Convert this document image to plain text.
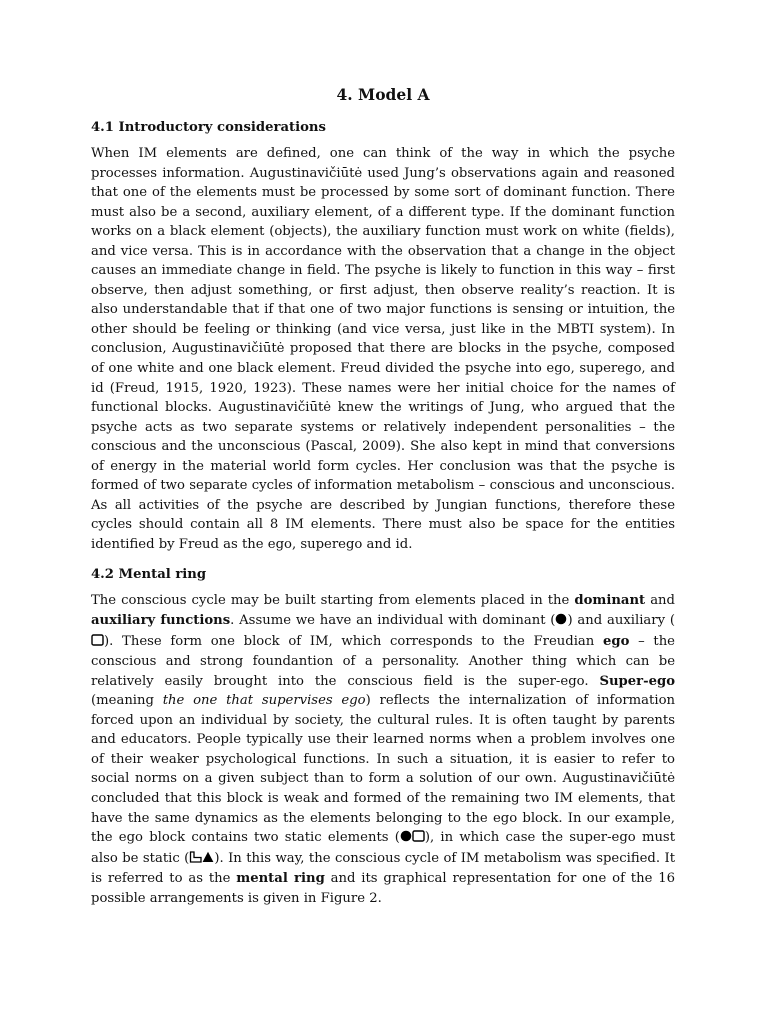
4. Model A
4.1 Introductory considerations

When IM elements are defined, one can think of the way in which the psyche processes information. Augustinavičiūtė used Jung’s observations again and reasoned that one of the elements must be processed by some sort of dominant function. There must also be a second, auxiliary element, of a different type. If the dominant function works on a black element (objects), the auxiliary function must work on white (fields), and vice versa. This is in accordance with the observation that a change in the object causes an immediate change in field. The psyche is likely to function in this way – first observe, then adjust something, or first adjust, then observe reality’s reaction. It is also understandable that if that one of two major functions is sensing or intuition, the other should be feeling or thinking (and vice versa, just like in the MBTI system). In conclusion, Augustinavičiūtė proposed that there are blocks in the psyche, composed of one white and one black element. Freud divided the psyche into ego, superego, and id (Freud, 1915, 1920, 1923). These names were her initial choice for the names of functional blocks. Augustinavičiūtė knew the writings of Jung, who argued that the psyche acts as two separate systems or relatively independent personalities – the conscious and the unconscious (Pascal, 2009). She also kept in mind that conversions of energy in the material world form cycles. Her conclusion was that the psyche is formed of two separate cycles of information metabolism – conscious and unconscious. As all activities of the psyche are described by Jungian functions, therefore these cycles should contain all 8 IM elements. There must also be space for the entities identified by Freud as the ego, superego and id.

4.2 Mental ring

The conscious cycle may be built starting from elements placed in the dominant and auxiliary functions. Assume we have an individual with dominant ( ) and auxiliary (). These form one block of IM, which corresponds to the Freudian ego – the conscious and strong foundantion of a personality. Another thing which can be relatively easily brought into the conscious field is the super-ego. Super-ego (meaning the one that supervises ego) reflects the internalization of information forced upon an individual by society, the cultural rules. It is often taught by parents and educators. People typically use their learned norms when a problem involves one of their weaker psychological functions. In such a situation, it is easier to refer to social norms on a given subject than to form a solution of our own. Augustinavičiūtė concluded that this block is weak and formed of the remaining two IM elements, that have the same dynamics as the elements belonging to the ego block. In our example, the ego block contains two static elements ( ), in which case the super-ego must also be static ( ). In this way, the conscious cycle of IM metabolism was specified. It is referred to as the mental ring and its graphical representation for one of the 16 possible arrangements is given in Figure 2.
